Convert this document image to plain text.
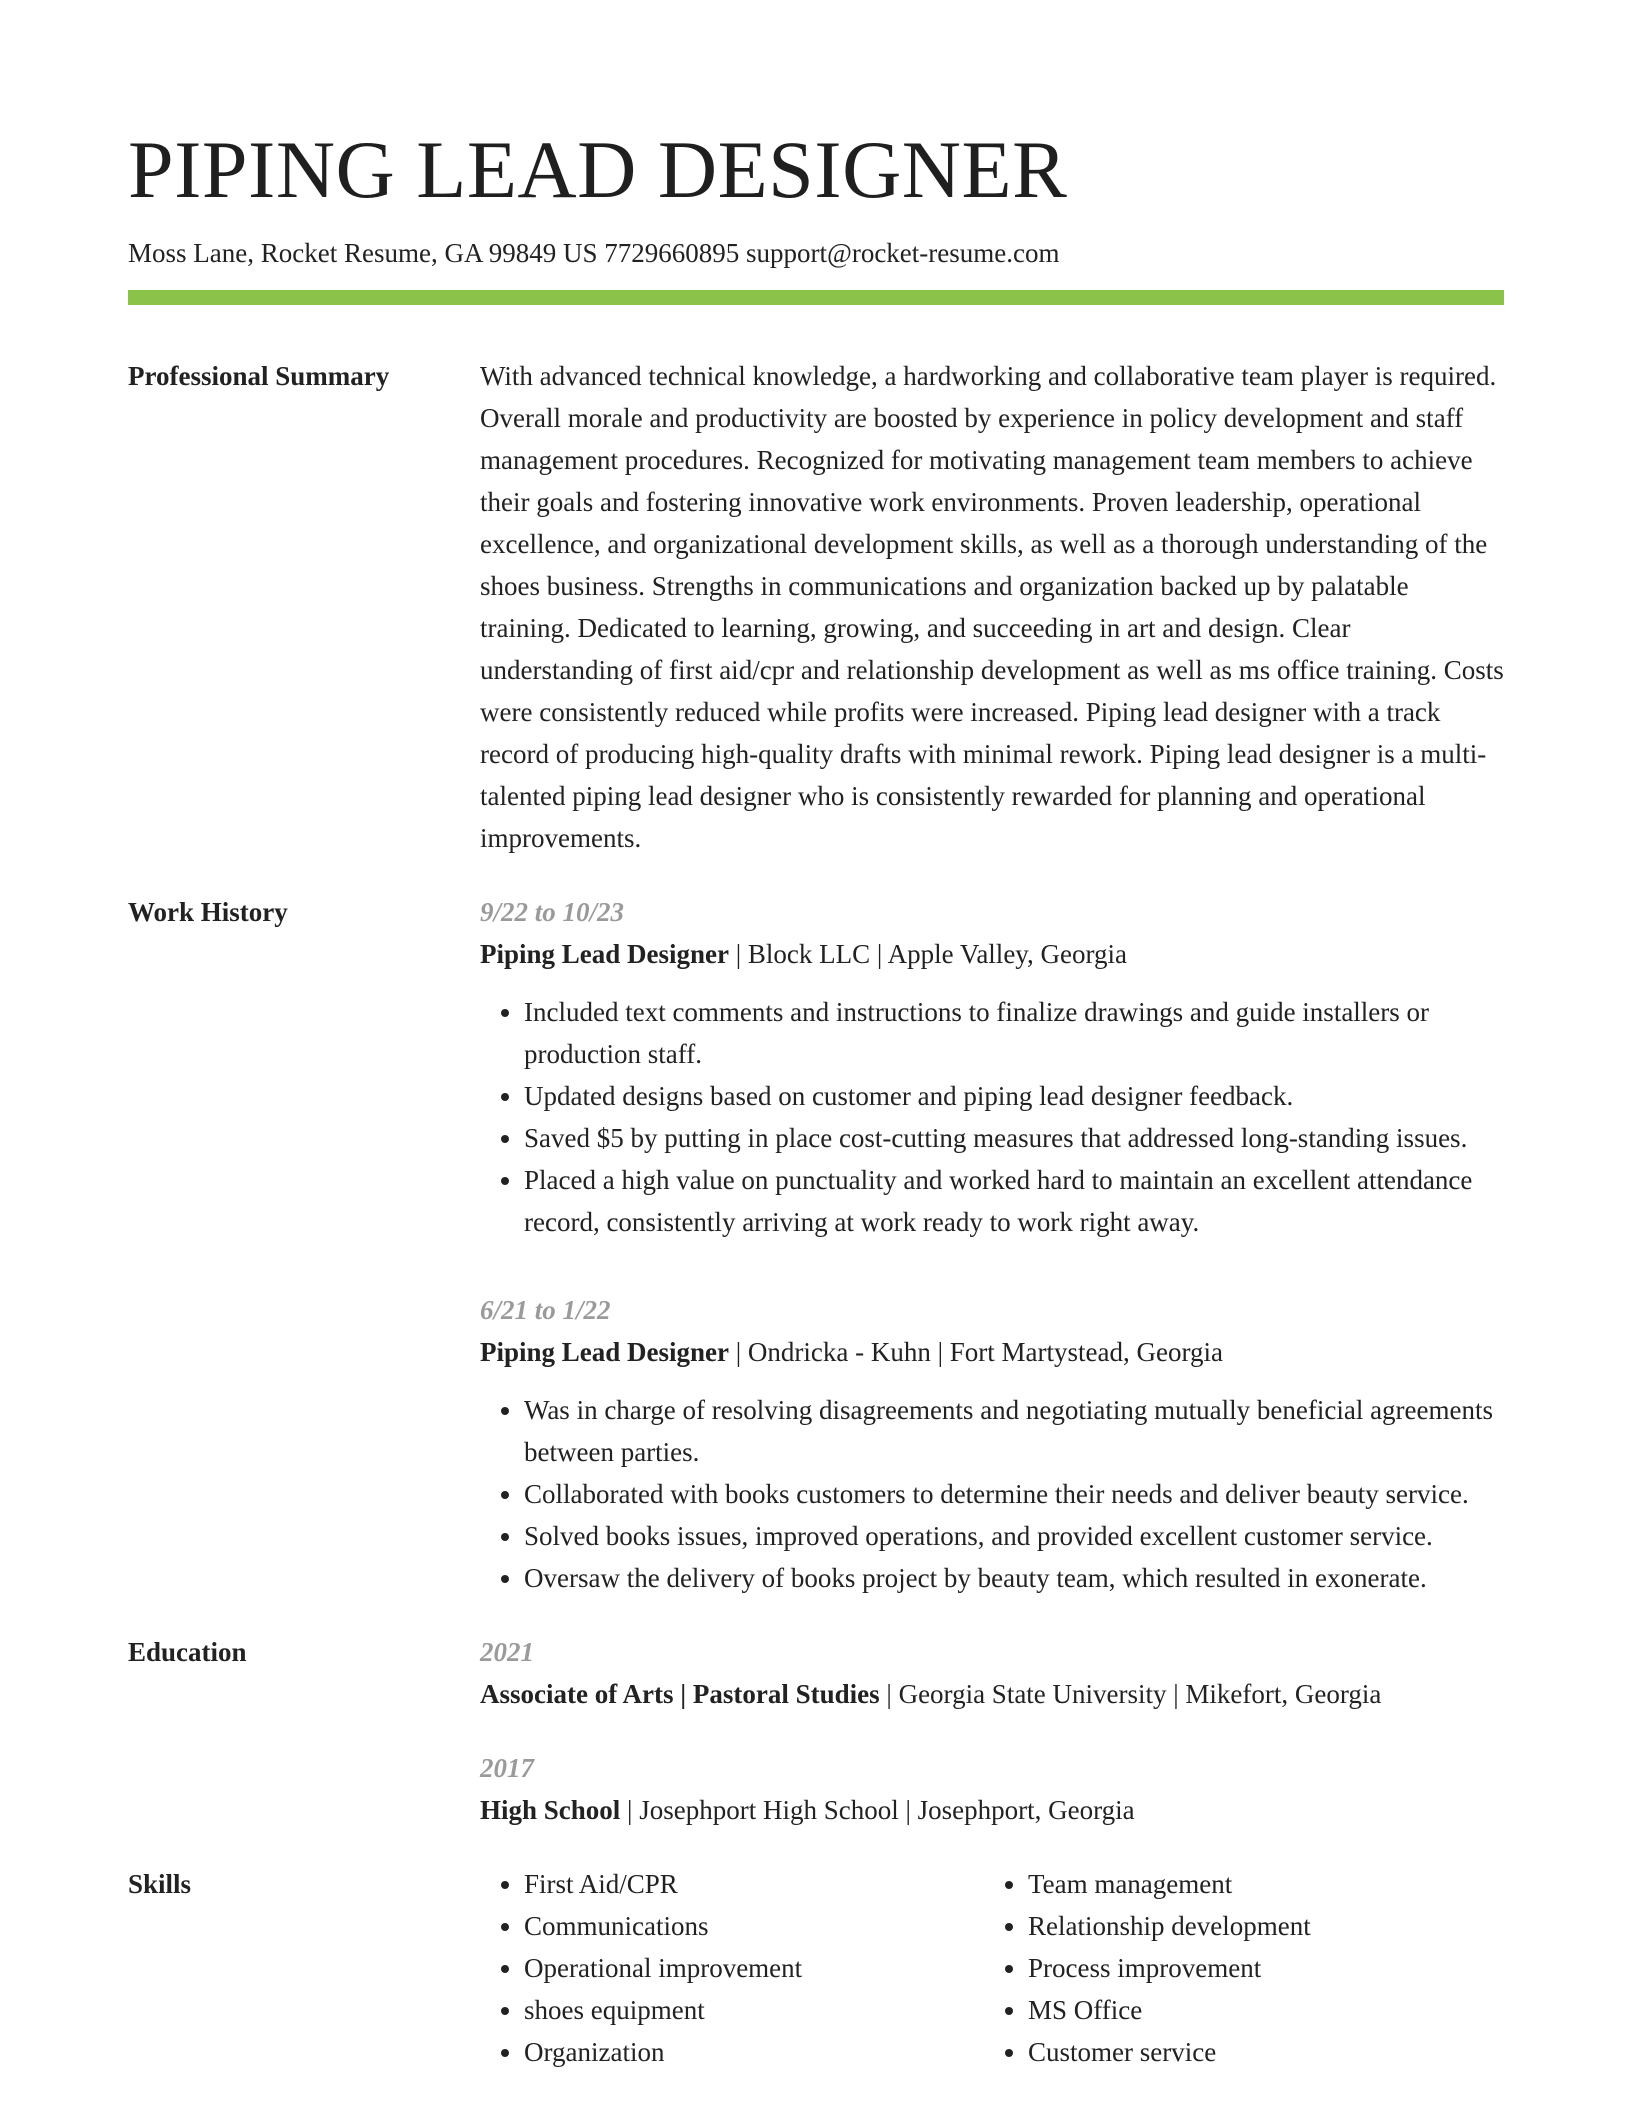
PIPING LEAD DESIGNER
Moss Lane, Rocket Resume, GA 99849 US 7729660895 support@rocket-resume.com
Professional Summary	With advanced technical knowledge, a hardworking and collaborative team player is required. Overall morale and productivity are boosted by experience in policy development and staff management procedures. Recognized for motivating management team members to achieve their goals and fostering innovative work environments. Proven leadership, operational excellence, and organizational development skills, as well as a thorough understanding of the shoes business. Strengths in communications and organization backed up by palatable training. Dedicated to learning, growing, and succeeding in art and design. Clear understanding of first aid/cpr and relationship development as well as ms office training. Costs were consistently reduced while profits were increased. Piping lead designer with a track record of producing high-quality drafts with minimal rework. Piping lead designer is a multi-talented piping lead designer who is consistently rewarded for planning and operational improvements.

Work History	9/22 to 10/23
Piping Lead Designer | Block LLC | Apple Valley, Georgia
• Included text comments and instructions to finalize drawings and guide installers or production staff.
• Updated designs based on customer and piping lead designer feedback.
• Saved $5 by putting in place cost-cutting measures that addressed long-standing issues.
• Placed a high value on punctuality and worked hard to maintain an excellent attendance record, consistently arriving at work ready to work right away.
6/21 to 1/22
Piping Lead Designer | Ondricka - Kuhn | Fort Martystead, Georgia
• Was in charge of resolving disagreements and negotiating mutually beneficial agreements between parties.
• Collaborated with books customers to determine their needs and deliver beauty service.
• Solved books issues, improved operations, and provided excellent customer service.
• Oversaw the delivery of books project by beauty team, which resulted in exonerate.
Education	2021
Associate of Arts | Pastoral Studies | Georgia State University | Mikefort, Georgia
2017
High School | Josephport High School | Josephport, Georgia
Skills
•	First Aid/CPR
• Communications
• Operational improvement
• shoes equipment
• Organization
• Team management
• Relationship development
• Process improvement
• MS Office
• Customer service
